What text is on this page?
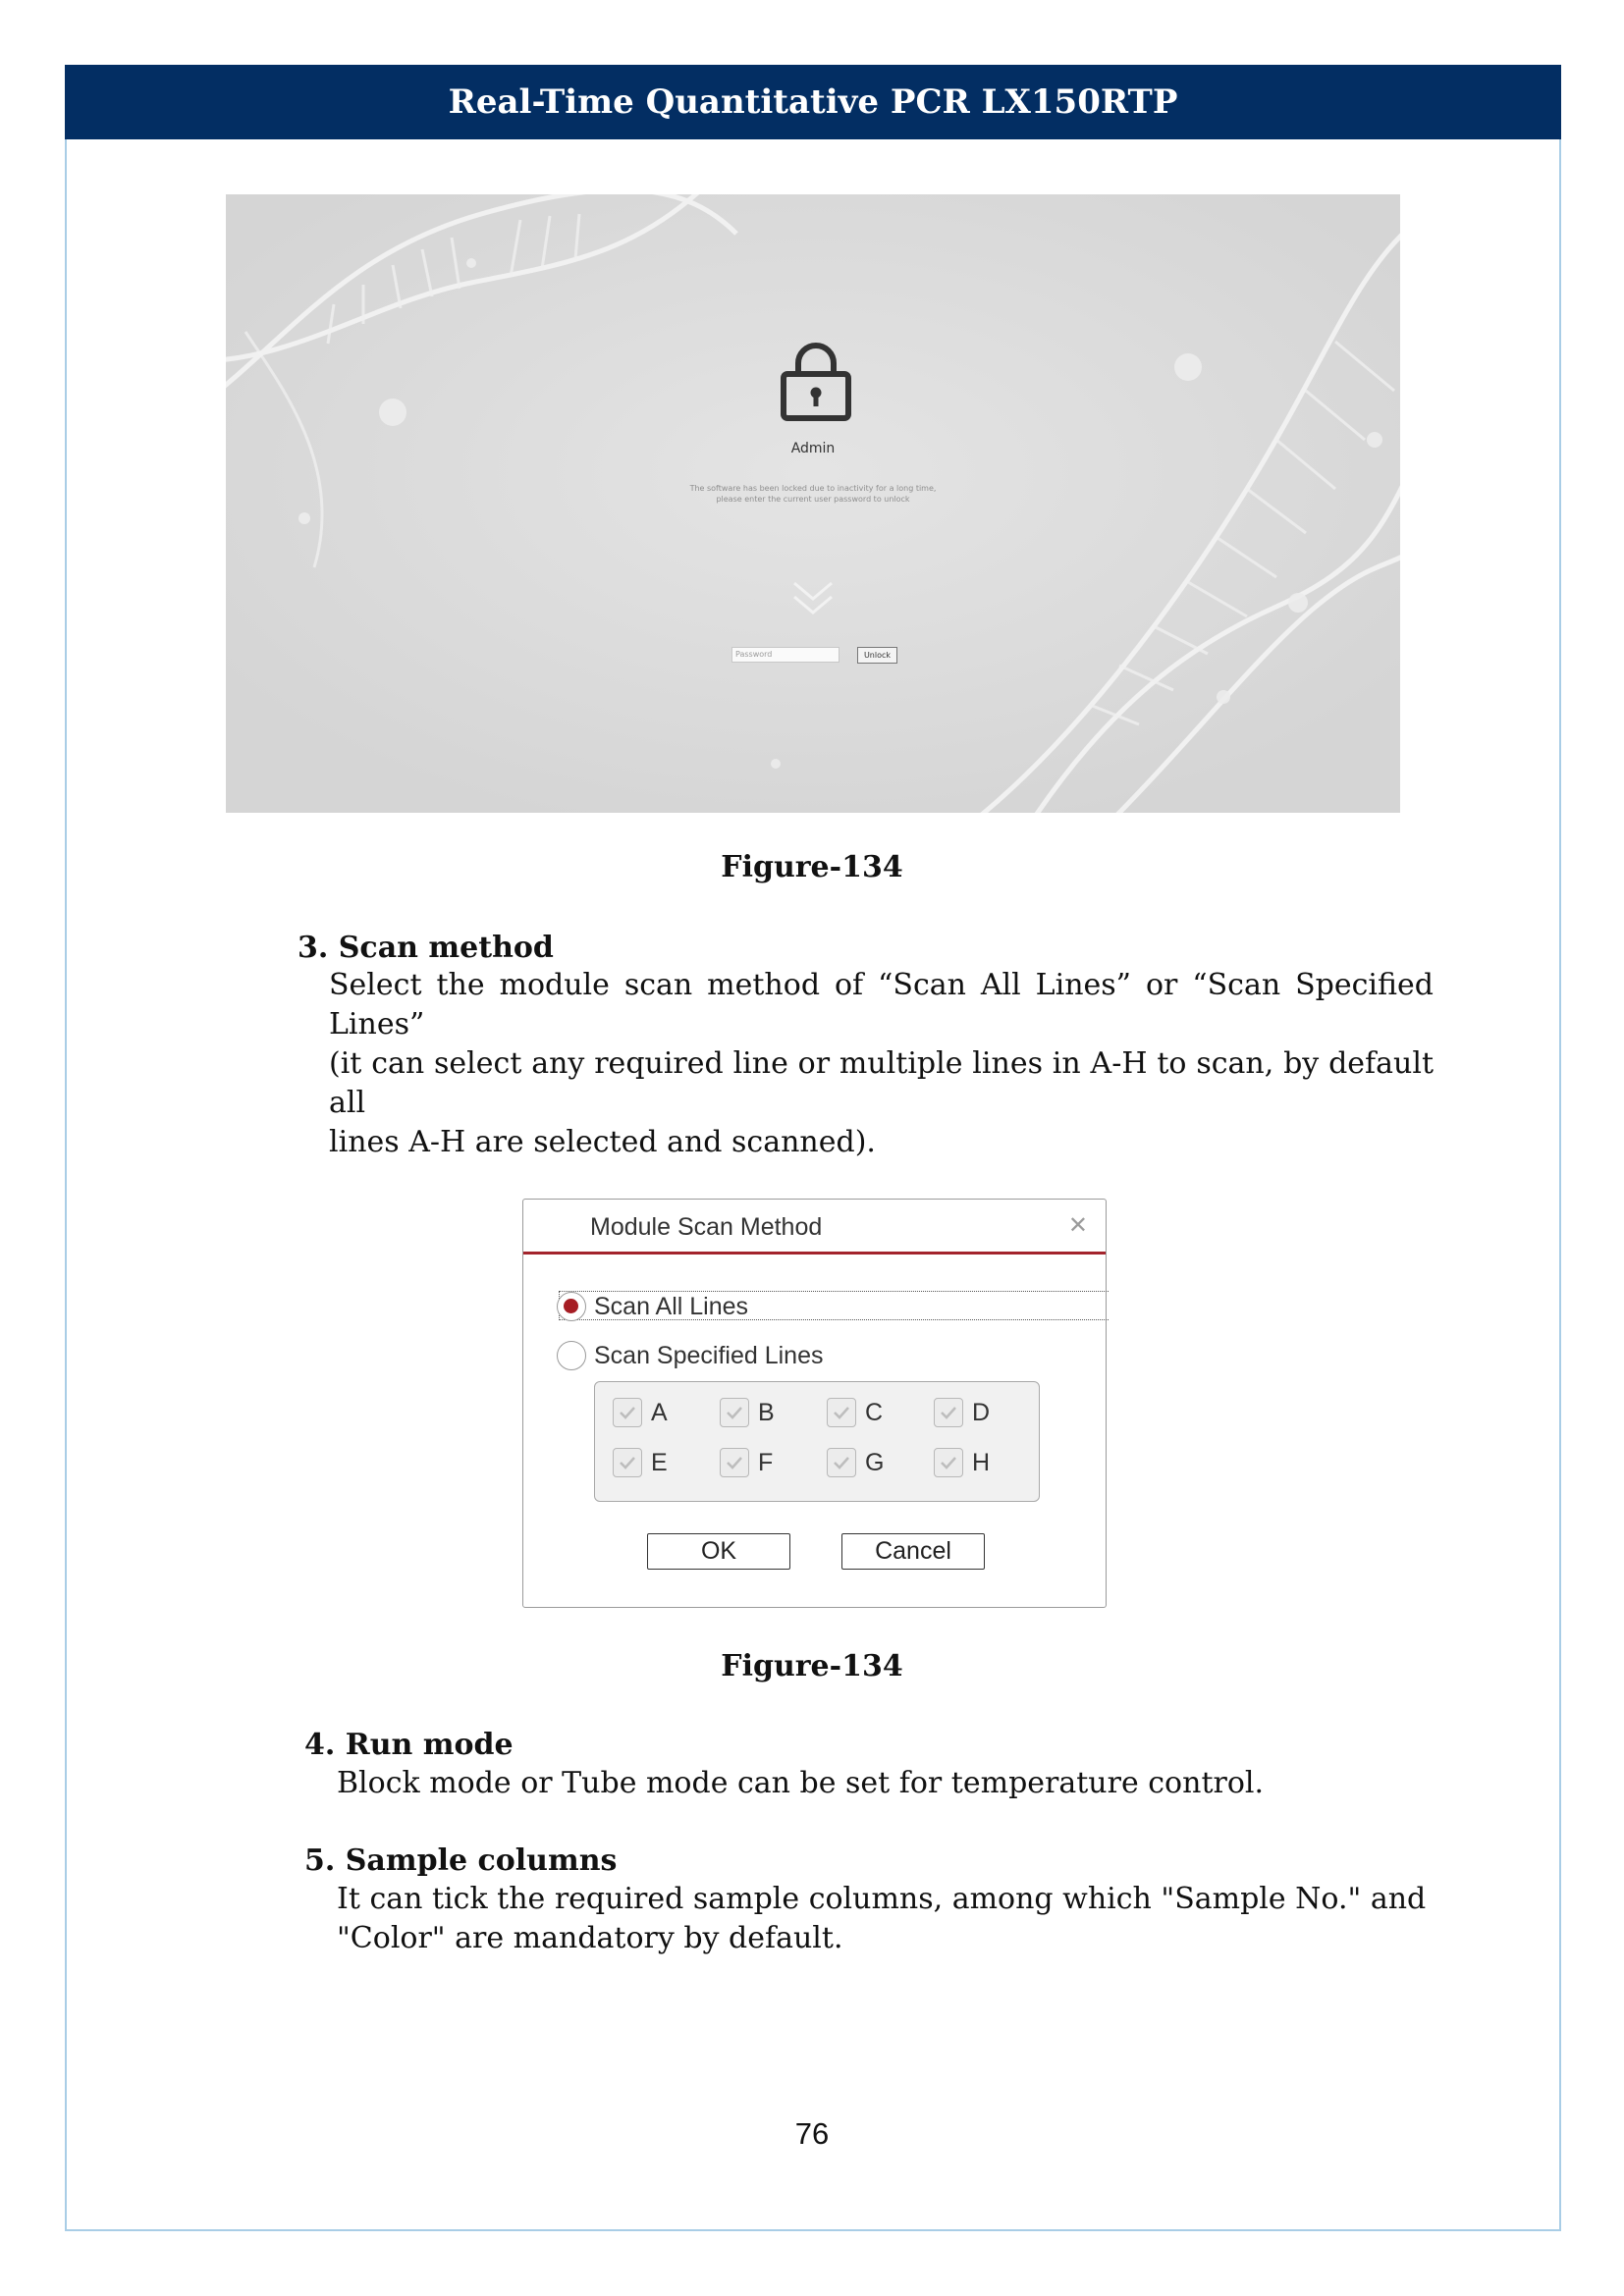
Real-Time Quantitative PCR LX150RTP
Admin
The software has been locked due to inactivity for a long time,
please enter the current user password to unlock
Password	Unlock
Figure-134
3. Scan method
Select the module scan method of “Scan All Lines” or “Scan Specified Lines”
(it can select any required line or multiple lines in A-H to scan, by default all
lines A-H are selected and scanned).
Module Scan Method	✕
Scan All Lines
Scan Specified Lines
A	B	C	D
E	F	G	H
OK	Cancel
Figure-134
4. Run mode
Block mode or Tube mode can be set for temperature control.
5. Sample columns
It can tick the required sample columns, among which "Sample No." and
"Color" are mandatory by default.
76
